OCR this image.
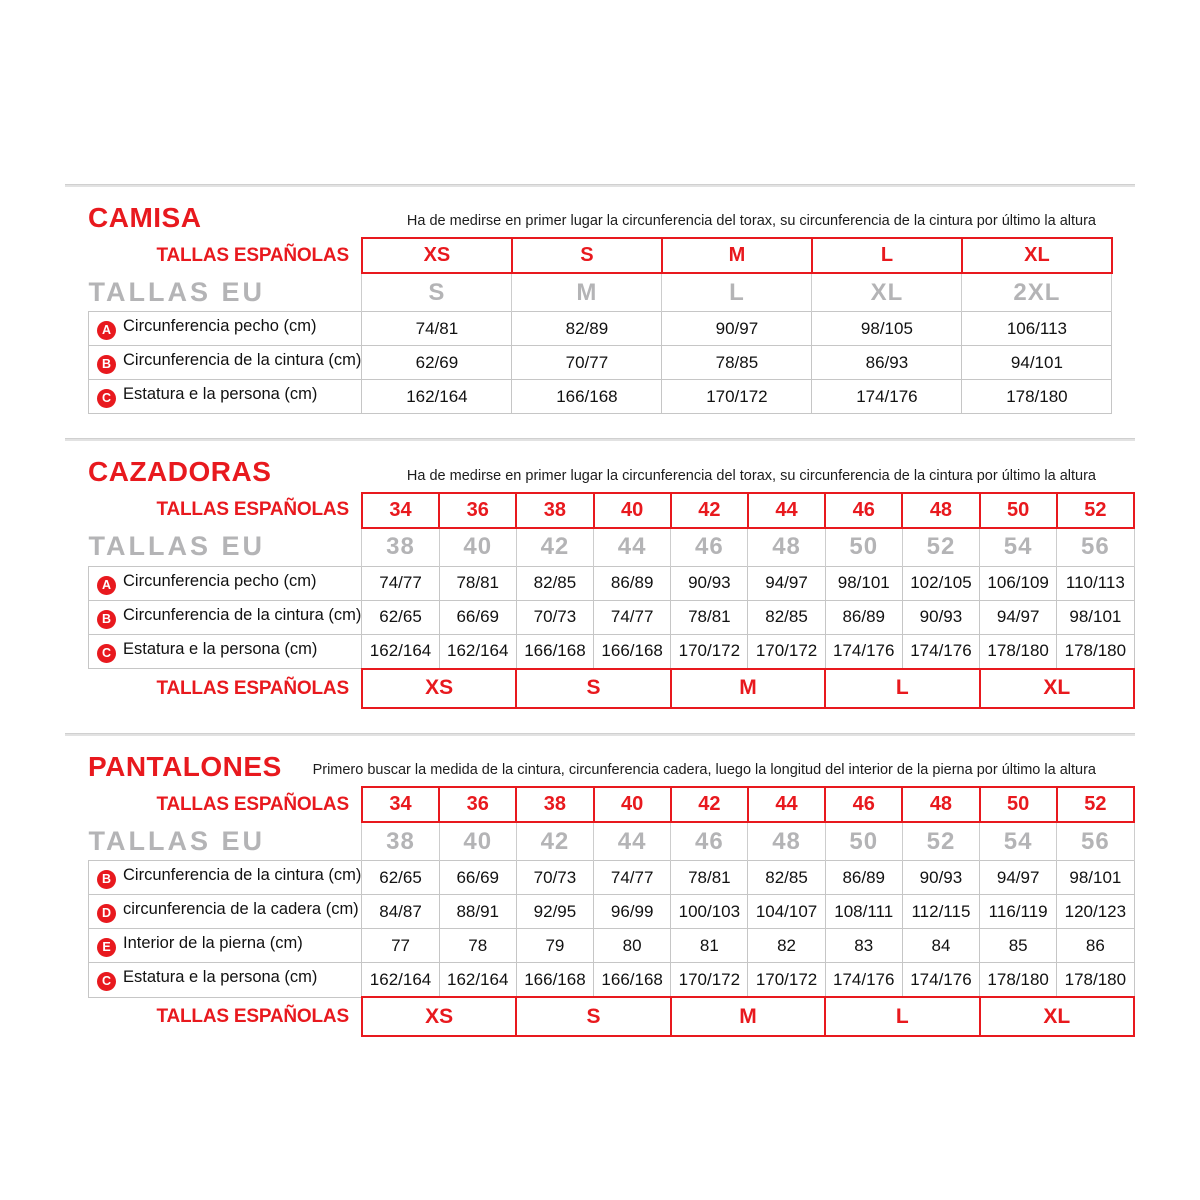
CAMISA	Ha de medirse en primer lugar la circunferencia del torax, su circunferencia de la cintura por último la altura

TALLAS ESPAÑOLAS	XS	S	M	L	XL
TALLAS EU	S	M	L	XL	2XL
A Circunferencia pecho (cm)	74/81	82/89	90/97	98/105	106/113
B Circunferencia de la cintura (cm)	62/69	70/77	78/85	86/93	94/101
C Estatura e la persona (cm)	162/164	166/168	170/172	174/176	178/180
CAZADORAS	Ha de medirse en primer lugar la circunferencia del torax, su circunferencia de la cintura por último la altura

TALLAS ESPAÑOLAS	34	36	38	40	42	44	46	48	50	52
TALLAS EU	38	40	42	44	46	48	50	52	54	56
A Circunferencia pecho (cm)	74/77	78/81	82/85	86/89	90/93	94/97	98/101	102/105	106/109	110/113
B Circunferencia de la cintura (cm)	62/65	66/69	70/73	74/77	78/81	82/85	86/89	90/93	94/97	98/101
C Estatura e la persona (cm)	162/164	162/164	166/168	166/168	170/172	170/172	174/176	174/176	178/180	178/180
TALLAS ESPAÑOLAS	XS		S		M		L		XL	
PANTALONES Primero buscar la medida de la cintura, circunferencia cadera, luego la longitud del interior de la pierna por último la altura

TALLAS ESPAÑOLAS	34	36	38	40	42	44	46	48	50	52
TALLAS EU	38	40	42	44	46	48	50	52	54	56
B Circunferencia de la cintura (cm)	62/65	66/69	70/73	74/77	78/81	82/85	86/89	90/93	94/97	98/101
D circunferencia de la cadera (cm)	84/87	88/91	92/95	96/99	100/103	104/107	108/111	112/115	116/119	120/123
E Interior de la pierna (cm)	77	78	79	80	81	82	83	84	85	86
C Estatura e la persona (cm)	162/164	162/164	166/168	166/168	170/172	170/172	174/176	174/176	178/180	178/180
TALLAS ESPAÑOLAS	XS		S		M		L		XL	
